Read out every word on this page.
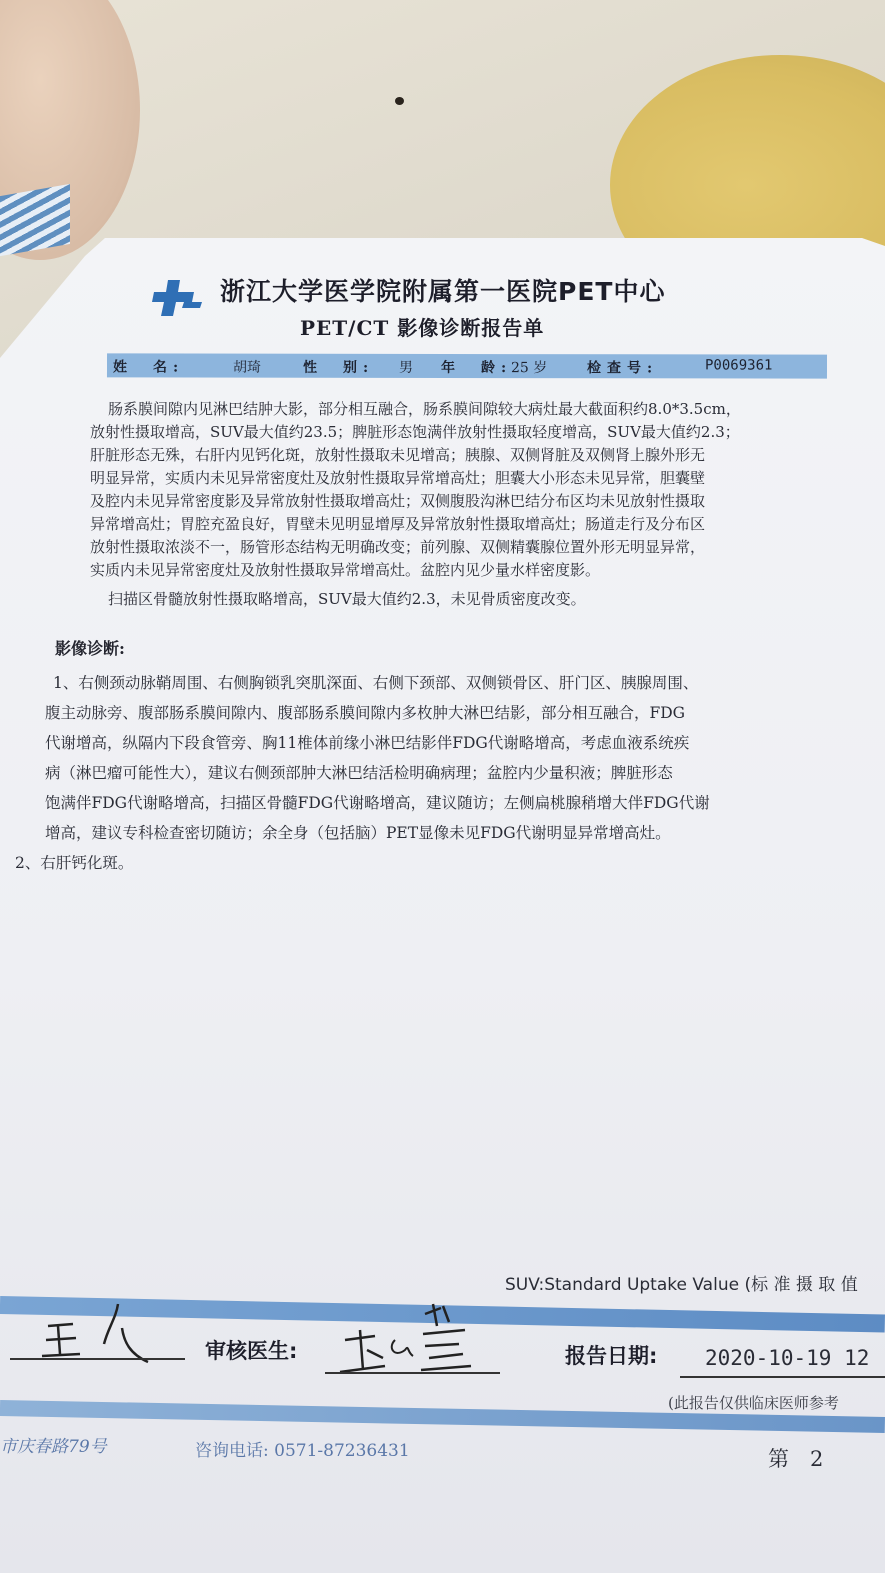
浙江大学医学院附属第一医院PET中心
PET/CT 影像诊断报告单
姓　名:	胡琦	性　别: 男 年　龄:
25 岁	检查号:	P0069361

肠系膜间隙内见淋巴结肿大影，部分相互融合，肠系膜间隙较大病灶最大截面积约8.0*3.5cm，

放射性摄取增高，SUV最大值约23.5；脾脏形态饱满伴放射性摄取轻度增高，SUV最大值约2.3；

肝脏形态无殊，右肝内见钙化斑，放射性摄取未见增高；胰腺、双侧肾脏及双侧肾上腺外形无

明显异常，实质内未见异常密度灶及放射性摄取异常增高灶；胆囊大小形态未见异常，胆囊壁

及腔内未见异常密度影及异常放射性摄取增高灶；双侧腹股沟淋巴结分布区均未见放射性摄取

异常增高灶；胃腔充盈良好，胃壁未见明显增厚及异常放射性摄取增高灶；肠道走行及分布区

放射性摄取浓淡不一，肠管形态结构无明确改变；前列腺、双侧精囊腺位置外形无明显异常，

实质内未见异常密度灶及放射性摄取异常增高灶。盆腔内见少量水样密度影。

扫描区骨髓放射性摄取略增高，SUV最大值约2.3，未见骨质密度改变。

影像诊断:

1、右侧颈动脉鞘周围、右侧胸锁乳突肌深面、右侧下颈部、双侧锁骨区、肝门区、胰腺周围、

腹主动脉旁、腹部肠系膜间隙内、腹部肠系膜间隙内多枚肿大淋巴结影，部分相互融合，FDG

代谢增高，纵隔内下段食管旁、胸11椎体前缘小淋巴结影伴FDG代谢略增高，考虑血液系统疾

病（淋巴瘤可能性大），建议右侧颈部肿大淋巴结活检明确病理；盆腔内少量积液；脾脏形态

饱满伴FDG代谢略增高，扫描区骨髓FDG代谢略增高，建议随访；左侧扁桃腺稍增大伴FDG代谢

增高，建议专科检查密切随访；余全身（包括脑）PET显像未见FDG代谢明显异常增高灶。

2、右肝钙化斑。

SUV:Standard Uptake Value (标 准 摄 取 值
审核医生:	报告日期: 2020-10-19 12
(此报告仅供临床医师参考
市庆春路79号	咨询电话: 0571-87236431	第　2
